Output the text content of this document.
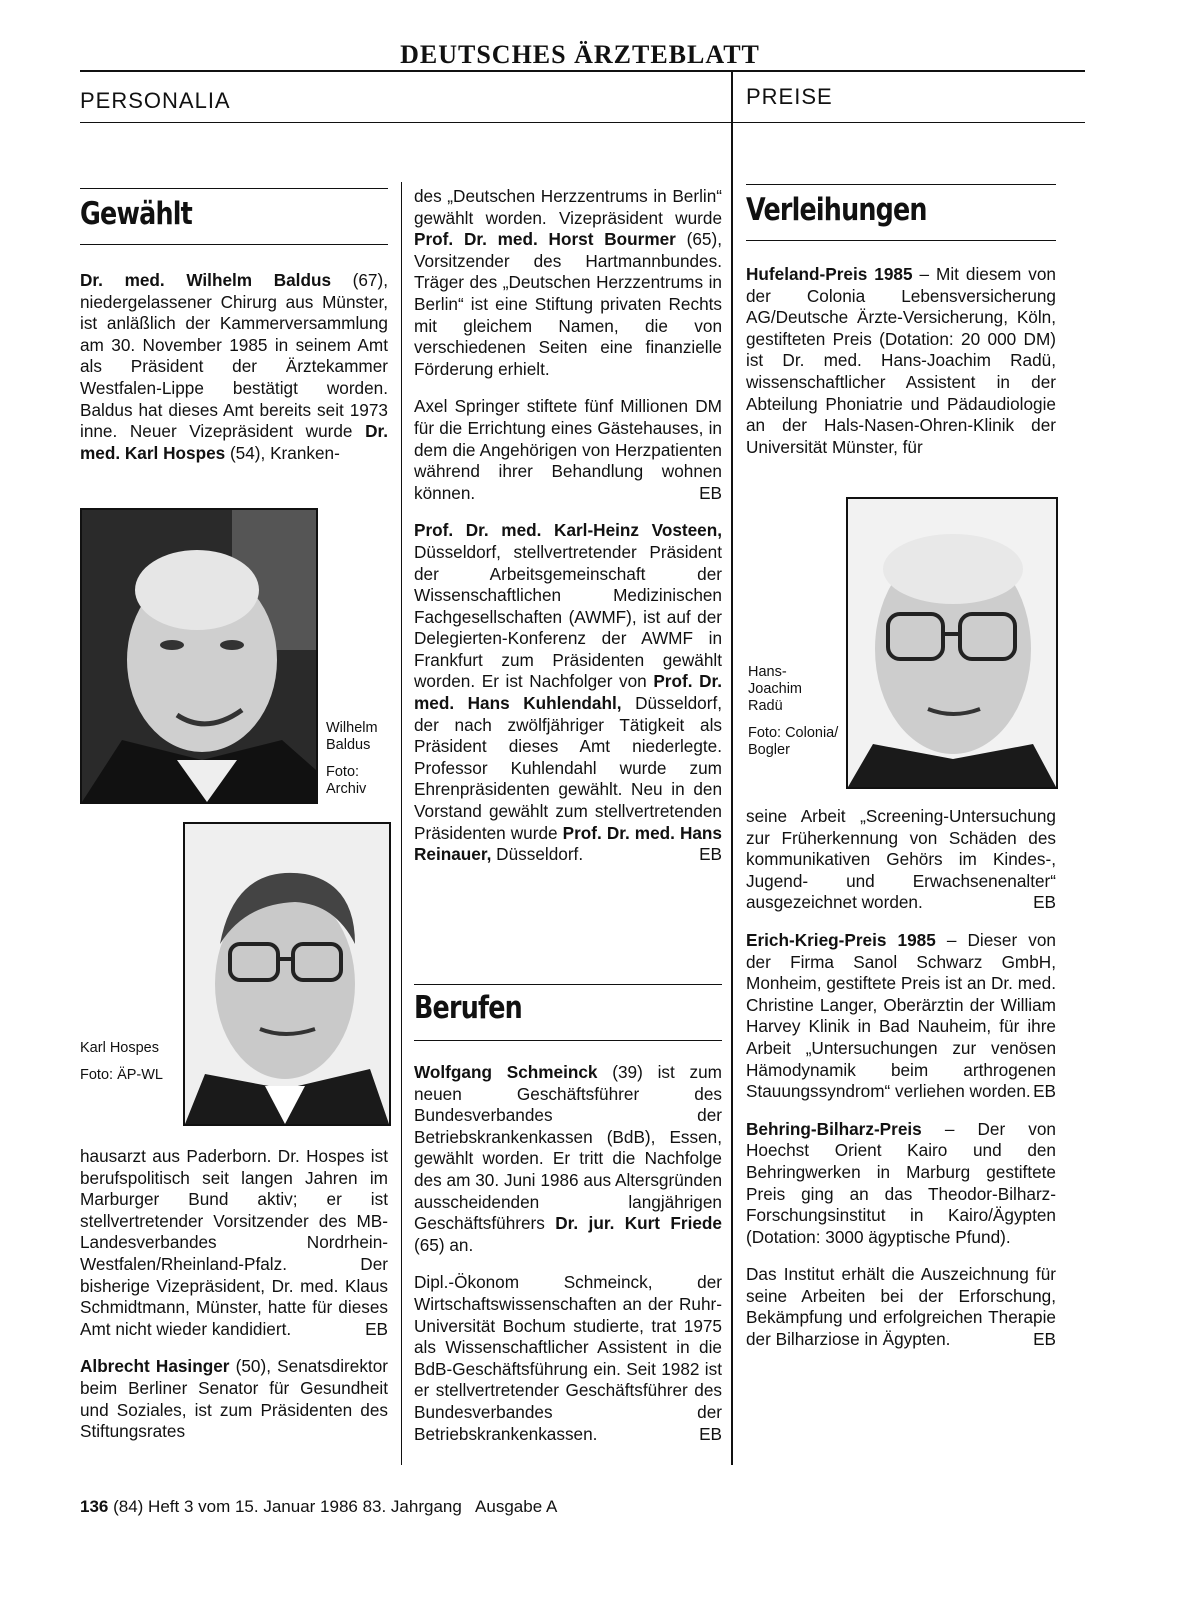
DEUTSCHES ÄRZTEBLATT
PERSONALIA	PREISE
Gewählt

Dr. med. Wilhelm Baldus (67), niedergelassener Chirurg aus Münster, ist anläßlich der Kammerversammlung am 30. November 1985 in seinem Amt als Präsident der Ärztekammer Westfalen-Lippe bestätigt worden. Baldus hat dieses Amt bereits seit 1973 inne. Neuer Vizepräsident wurde Dr. med. Karl Hospes (54), Kranken-

Wilhelm Baldus

Foto: Archiv

Karl Hospes

Foto: ÄP-WL

hausarzt aus Paderborn. Dr. Hospes ist berufspolitisch seit langen Jahren im Marburger Bund aktiv; er ist stellvertretender Vorsitzender des MB-Landesverbandes Nordrhein-Westfalen/Rheinland-Pfalz. Der bisherige Vizepräsident, Dr. med. Klaus Schmidtmann, Münster, hatte für dieses Amt nicht wieder kandidiert.	EB

Albrecht Hasinger (50), Senatsdirektor beim Berliner Senator für Gesundheit und Soziales, ist zum Präsidenten des Stiftungsrates

des „Deutschen Herzzentrums in Berlin“ gewählt worden. Vizepräsident wurde Prof. Dr. med. Horst Bourmer (65), Vorsitzender des Hartmannbundes. Träger des „Deutschen Herzzentrums in Berlin“ ist eine Stiftung privaten Rechts mit gleichem Namen, die von verschiedenen Seiten eine finanzielle Förderung erhielt.

Axel Springer stiftete fünf Millionen DM für die Errichtung eines Gästehauses, in dem die Angehörigen von Herzpatienten während ihrer Behandlung wohnen können.	EB

Prof. Dr. med. Karl-Heinz Vosteen, Düsseldorf, stellvertretender Präsident der Arbeitsgemeinschaft der Wissenschaftlichen Medizinischen Fachgesellschaften (AWMF), ist auf der Delegierten-Konferenz der AWMF in Frankfurt zum Präsidenten gewählt worden. Er ist Nachfolger von Prof. Dr. med. Hans Kuhlendahl, Düsseldorf, der nach zwölfjähriger Tätigkeit als Präsident dieses Amt niederlegte. Professor Kuhlendahl wurde zum Ehrenpräsidenten gewählt. Neu in den Vorstand gewählt zum stellvertretenden Präsidenten wurde Prof. Dr. med. Hans Reinauer, Düsseldorf.	EB

Berufen

Wolfgang Schmeinck (39) ist zum neuen Geschäftsführer des Bundesverbandes der Betriebskrankenkassen (BdB), Essen, gewählt worden. Er tritt die Nachfolge des am 30. Juni 1986 aus Altersgründen ausscheidenden langjährigen Geschäftsführers Dr. jur. Kurt Friede (65) an.

Dipl.-Ökonom Schmeinck, der Wirtschaftswissenschaften an der Ruhr-Universität Bochum studierte, trat 1975 als Wissenschaftlicher Assistent in die BdB-Geschäftsführung ein. Seit 1982 ist er stellvertretender Geschäftsführer des Bundesverbandes der Betriebskrankenkassen.	EB

Verleihungen

Hufeland-Preis 1985 – Mit diesem von der Colonia Lebensversicherung AG/Deutsche Ärzte-Versicherung, Köln, gestifteten Preis (Dotation: 20 000 DM) ist Dr. med. Hans-Joachim Radü, wissenschaftlicher Assistent in der Abteilung Phoniatrie und Pädaudiologie an der Hals-Nasen-Ohren-Klinik der Universität Münster, für

Hans-Joachim Radü

Foto: Colonia/ Bogler

seine Arbeit „Screening-Untersuchung zur Früherkennung von Schäden des kommunikativen Gehörs im Kindes-, Jugend- und Erwachsenenalter“ ausgezeichnet worden.	EB

Erich-Krieg-Preis 1985 – Dieser von der Firma Sanol Schwarz GmbH, Monheim, gestiftete Preis ist an Dr. med. Christine Langer, Oberärztin der William Harvey Klinik in Bad Nauheim, für ihre Arbeit „Untersuchungen zur venösen Hämodynamik beim arthrogenen Stauungssyndrom“ verliehen worden. EB

Behring-Bilharz-Preis – Der von Hoechst Orient Kairo und den Behringwerken in Marburg gestiftete Preis ging an das Theodor-Bilharz-Forschungsinstitut in Kairo/Ägypten (Dotation: 3000 ägyptische Pfund).

Das Institut erhält die Auszeichnung für seine Arbeiten bei der Erforschung, Bekämpfung und erfolgreichen Therapie der Bilharziose in Ägypten.	EB

136 (84) Heft 3 vom 15. Januar 1986 83. Jahrgang   Ausgabe A
